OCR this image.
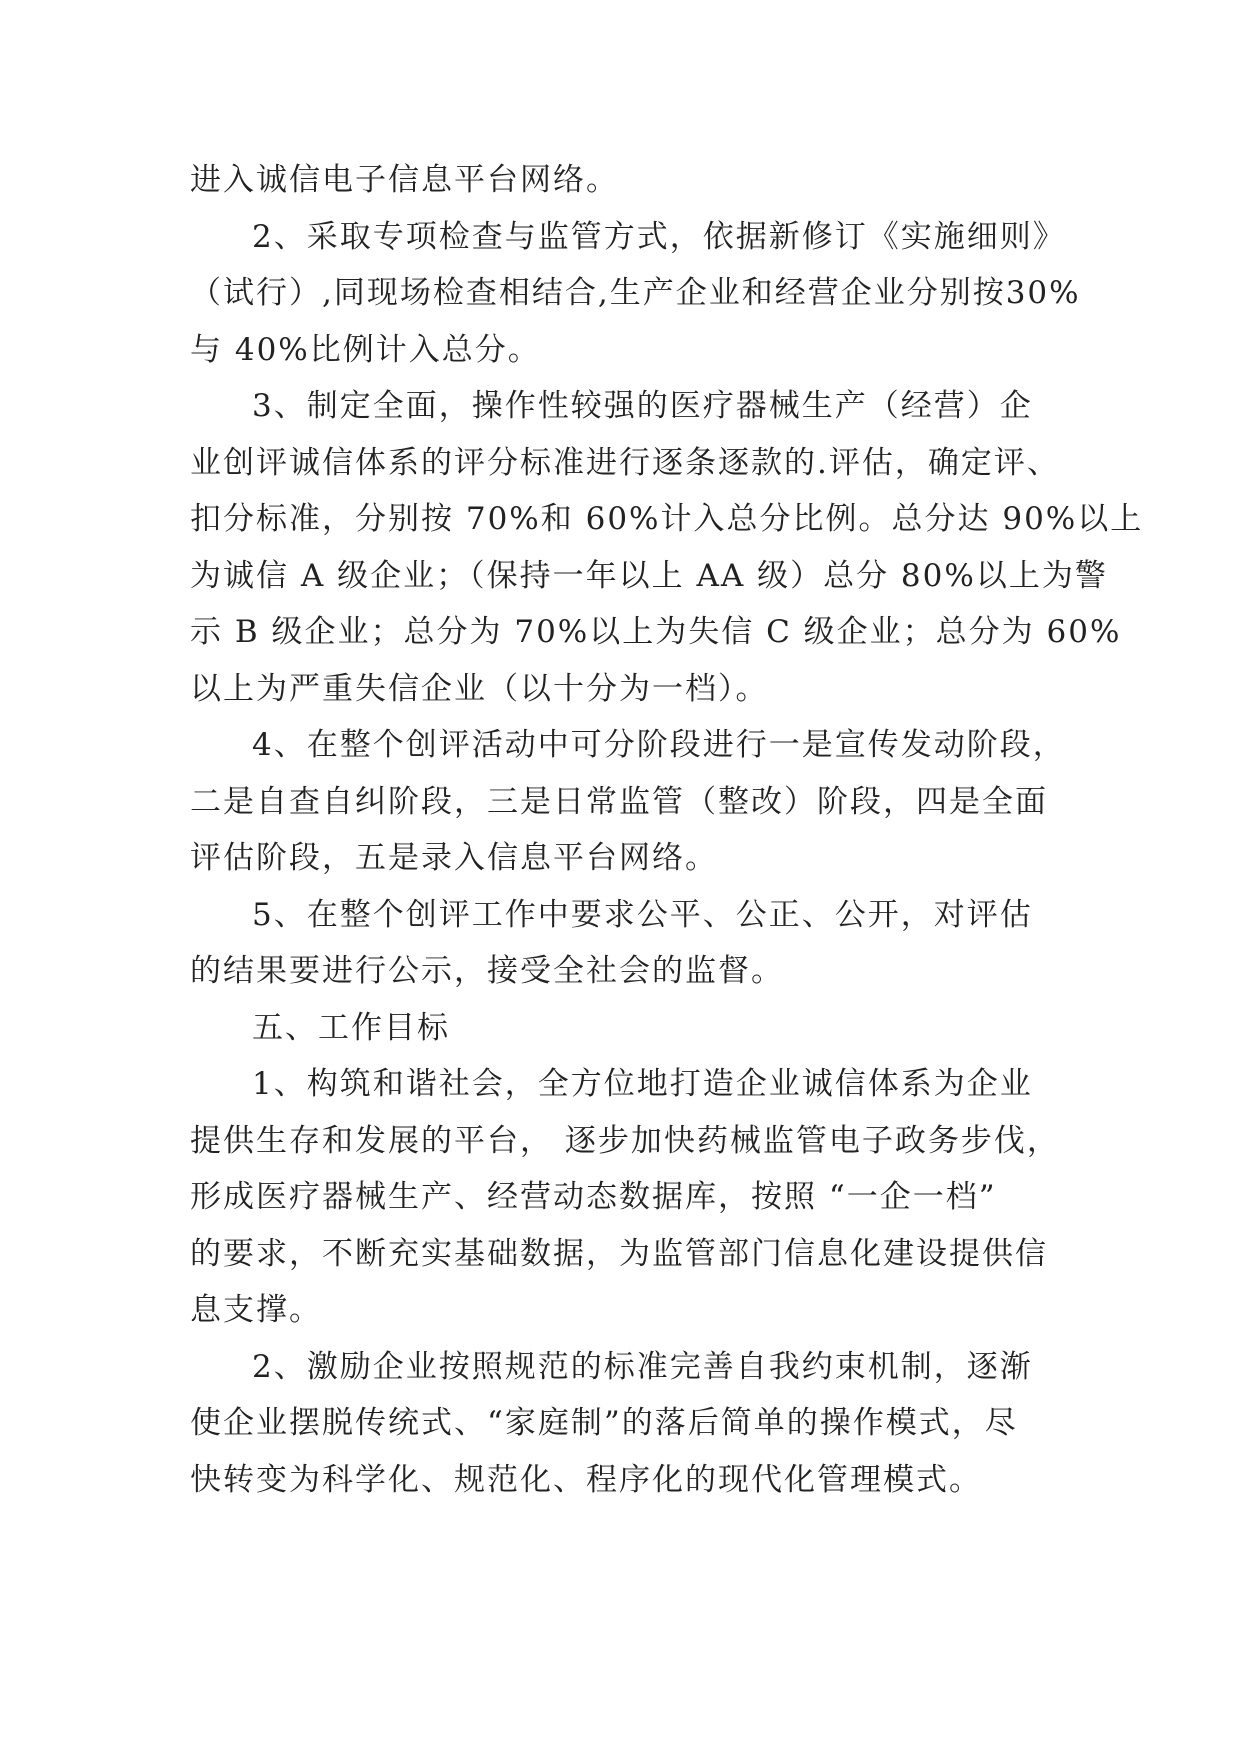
进入诚信电子信息平台网络。
2、采取专项检查与监管方式，依据新修订《实施细则》
（试行）,同现场检查相结合,生产企业和经营企业分别按30%
与 40%比例计入总分。
3、制定全面，操作性较强的医疗器械生产（经营）企
业创评诚信体系的评分标准进行逐条逐款的.评估，确定评、
扣分标准，分别按 70%和 60%计入总分比例。总分达 90%以上
为诚信 A 级企业；（保持一年以上 AA 级）总分 80%以上为警
示 B 级企业；总分为 70%以上为失信 C 级企业；总分为 60%
以上为严重失信企业（以十分为一档）。
4、在整个创评活动中可分阶段进行一是宣传发动阶段，
二是自查自纠阶段，三是日常监管（整改）阶段，四是全面
评估阶段，五是录入信息平台网络。
5、在整个创评工作中要求公平、公正、公开，对评估
的结果要进行公示，接受全社会的监督。
五、工作目标
1、构筑和谐社会，全方位地打造企业诚信体系为企业
提供生存和发展的平台， 逐步加快药械监管电子政务步伐，
形成医疗器械生产、经营动态数据库，按照 “一企一档”
的要求，不断充实基础数据，为监管部门信息化建设提供信
息支撑。
2、激励企业按照规范的标准完善自我约束机制，逐渐
使企业摆脱传统式、“家庭制”的落后简单的操作模式，尽
快转变为科学化、规范化、程序化的现代化管理模式。
